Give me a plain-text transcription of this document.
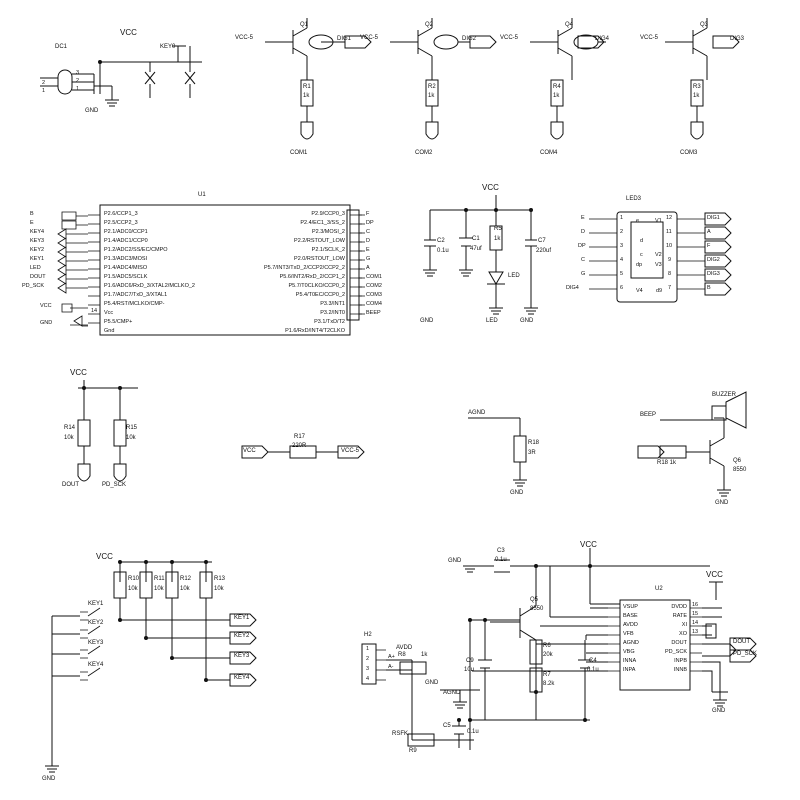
DC1
VCC
KEY0
GND
3
2
1
1
2
Q1
VCC-5	DIG1
R1
1k
COM1
Q2
VCC-5	DIG2
R2
1k
COM2
Q4
VCC-5	DIG4
R4
1k
COM4
Q3
VCC-5	DIG3
R3
1k
COM3
U1
B
E
KEY4
KEY3
KEY2
KEY1
LED
DOUT
PD_SCK
VCC
GND
P2.6/CCP1_3
P2.5/CCP2_3
P2.1/ADC0/CCP1
P1.4/ADC1/CCP0
P1.2/ADC2/SS/EC/CMPO
P1.3/ADC3/MOSI
P1.4/ADC4/MISO
P1.5/ADC5/SCLK
P1.6/ADC6/RxD_3/XTAL2/MCLKO_2
P1.7/ADC7/TxD_3/XTAL1
P5.4/RST/MCLKO/CMP-
Vcc
P5.5/CMP+
Gnd
14
P2.9/CCP0_3
P2.4/EC1_3/SS_2
P2.3/MOSI_2
P2.2/RSTOUT_LOW
P2.1/SCLK_2
P2.0/RSTOUT_LOW
P5.7/INT3/TxD_2/CCP2/CCP2_2
P5.6/INT2/RxD_2/CCP1_2
P5.7/T0CLKO/CCP0_2
P5.4/T0EC/CCP0_2
P3.3/INT1
P3.2/INT0
P3.1/TxD/T2
P1.6/RxD/INT4/T2CLKO
F
DP
C
D
E
G
A
COM1
COM2
COM3
COM4
BEEP
VCC
C2
0.1u
C1
47uf
R5
1k
LED
LED
C7
220uf
GND	GND
LED3
E
D
DP
C
G
DIG4
1
2
3
4
5
6
12
11
10
9
8
7
DIG1
A
F
DIG2
DIG3
B
e	V1
d
c V2
dp V3
V4 d9
VCC
R14
10k
R15
10k
DOUT	PD_SCK
VCC
R17
220R
VCC-5
AGND
R18
3R
GND
BEEP
R18 1k	Q6
8550
BUZZER
GND
VCC
R10
10k
R11
10k
R12
10k
R13
10k
KEY1
KEY2
KEY3
KEY4
KEY1
KEY2
KEY3
KEY4
GND
U2
VCC
VCC
C3
0.1u
GND
Q5
8550
R6
20k
R7
8.2k
R8	1k
R9
C9
10u
C4
0.1u
C5
0.1u
H2
1
2
3
4
A+
A-
AVDD
GND
AGND
VSUP
BASE
AVDD
VFB
AGND
VBG
INNA
INPA
DVDD
RATE
XI
XO
DOUT
PD_SCK
INPB
INNB
16
15
14
13
DOUT
PD_SCK
GND
RSFK
